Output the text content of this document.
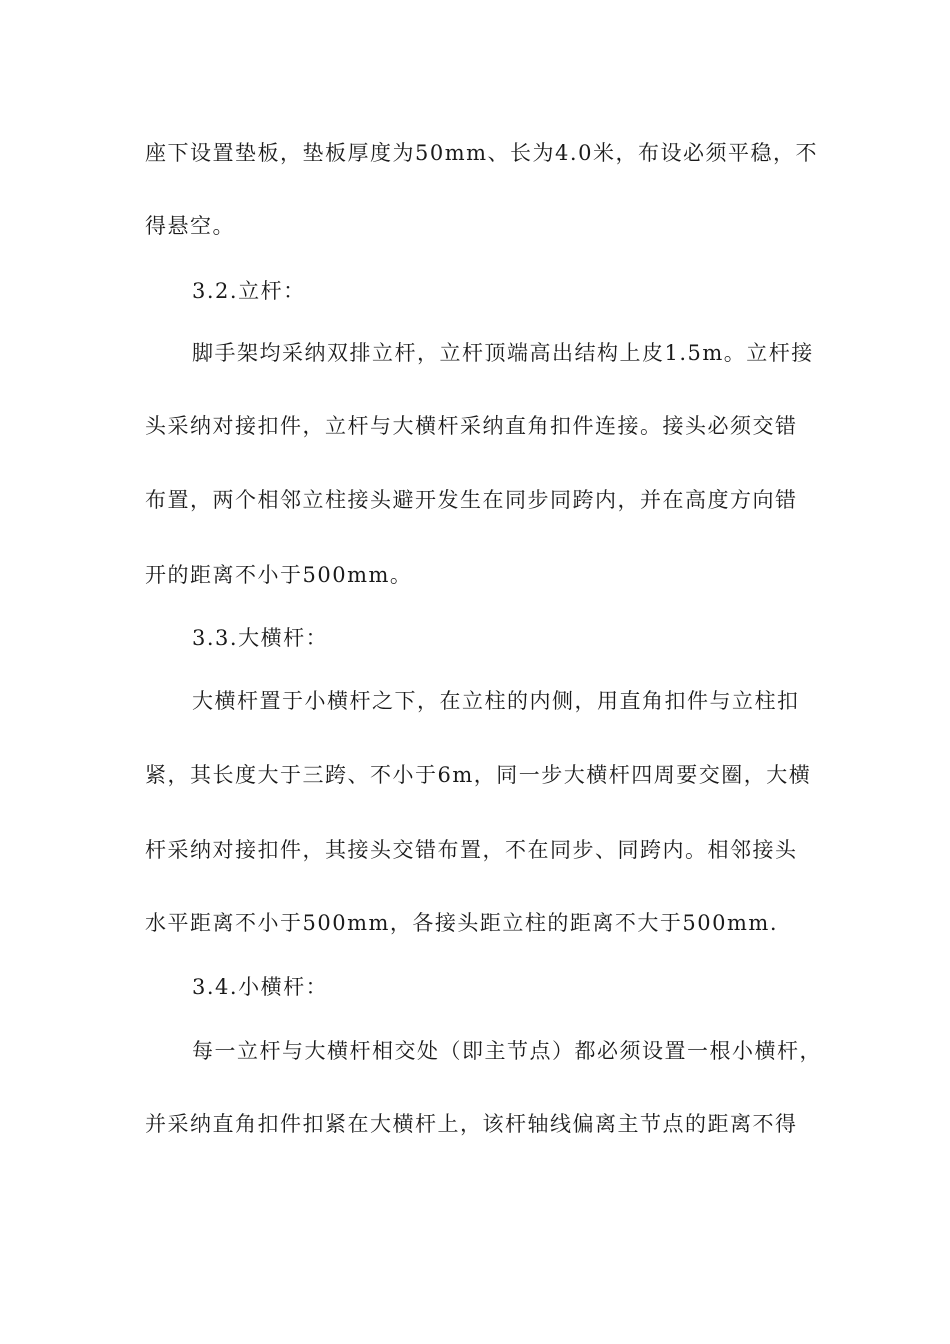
座下设置垫板，垫板厚度为50mm、长为4.0米，布设必须平稳，不
得悬空。
3.2.立杆：
脚手架均采纳双排立杆，立杆顶端高出结构上皮1.5m。立杆接
头采纳对接扣件，立杆与大横杆采纳直角扣件连接。接头必须交错
布置，两个相邻立柱接头避开发生在同步同跨内，并在高度方向错
开的距离不小于500mm。
3.3.大横杆：
大横杆置于小横杆之下，在立柱的内侧，用直角扣件与立柱扣
紧，其长度大于三跨、不小于6m，同一步大横杆四周要交圈，大横
杆采纳对接扣件，其接头交错布置，不在同步、同跨内。相邻接头
水平距离不小于500mm，各接头距立柱的距离不大于500mm.
3.4.小横杆：
每一立杆与大横杆相交处（即主节点）都必须设置一根小横杆，
并采纳直角扣件扣紧在大横杆上，该杆轴线偏离主节点的距离不得
